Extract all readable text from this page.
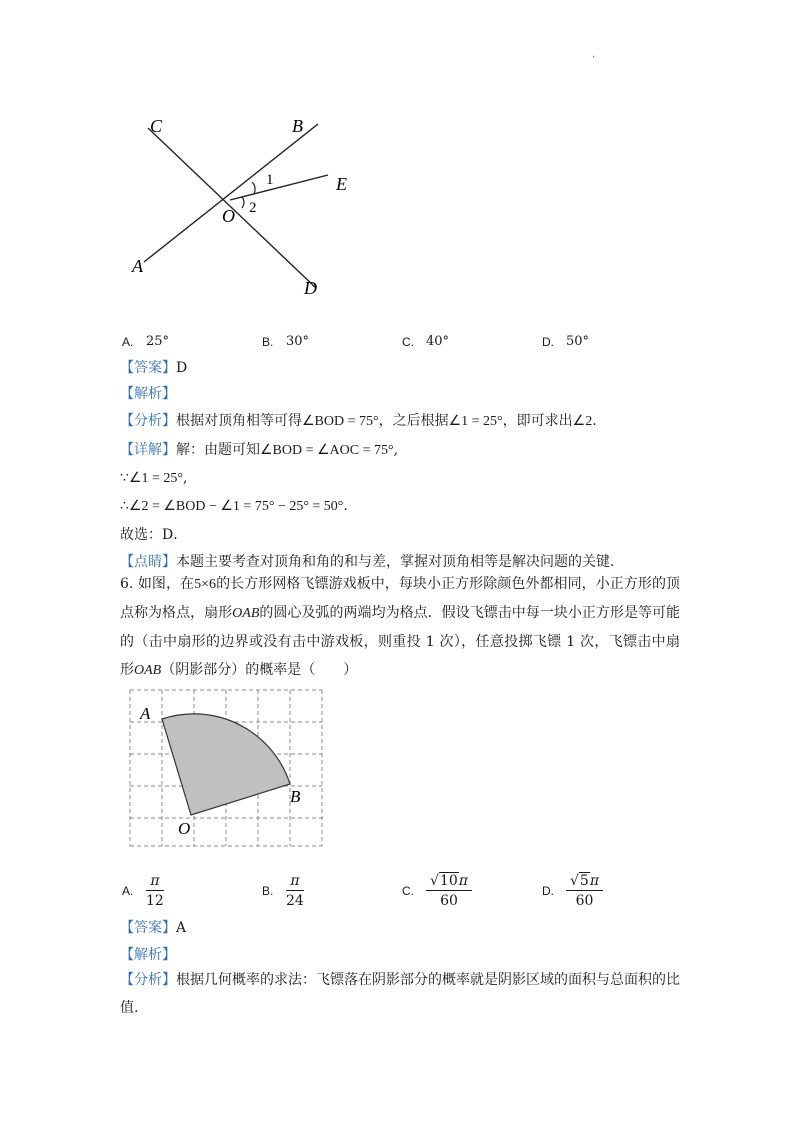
·
C	B
E
O
A
D
1
2
A. 25°	B. 30°	C. 40°	D. 50°
【答案】D
【解析】
【分析】根据对顶角相等可得∠BOD = 75°，之后根据∠1 = 25°，即可求出∠2.
【详解】解：由题可知∠BOD = ∠AOC = 75°,
∵∠1 = 25°,
∴∠2 = ∠BOD − ∠1 = 75° − 25° = 50°.
故选：D．
【点睛】本题主要考查对顶角和角的和与差，掌握对顶角相等是解决问题的关键.
6. 如图，在5×6的长方形网格飞镖游戏板中，每块小正方形除颜色外都相同，小正方形的顶点称为格点，扇形OAB的圆心及弧的两端均为格点．假设飞镖击中每一块小正方形是等可能的（击中扇形的边界或没有击中游戏板，则重投 1 次），任意投掷飞镖 1 次，飞镖击中扇形OAB（阴影部分）的概率是（　　）
A
B
O
A. $\frac{\pi}{12}$	B. $\frac{\pi}{24}$	C. $\frac{√10\pi}{60}$	D. $\frac{√5\pi}{60}$
【答案】A
【解析】
【分析】根据几何概率的求法：飞镖落在阴影部分的概率就是阴影区域的面积与总面积的比值.
